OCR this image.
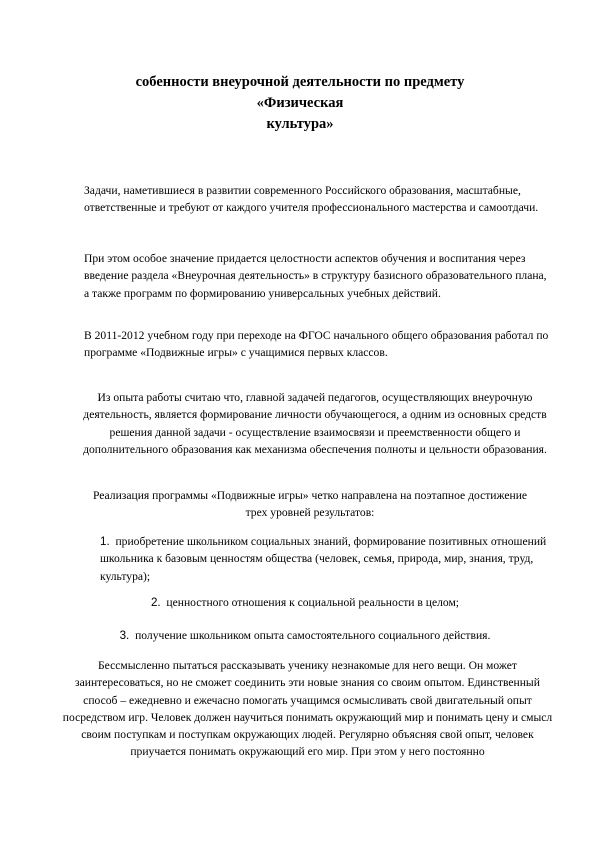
собенности внеурочной деятельности по предмету «Физическая
культура»

Задачи, наметившиеся в развитии современного Российского образования, масштабные, ответственные и требуют от каждого учителя профессионального мастерства и самоотдачи.

При этом особое значение придается целостности аспектов обучения и воспитания через введение раздела «Внеурочная деятельность» в структуру базисного образовательного плана, а также программ по формированию универсальных учебных действий.

В 2011-2012 учебном году при переходе на ФГОС начального общего образования работал по программе «Подвижные игры» с учащимися первых классов.

Из опыта работы считаю что, главной задачей педагогов, осуществляющих внеурочную деятельность, является формирование личности обучающегося, а одним из основных средств решения данной задачи - осуществление взаимосвязи и преемственности общего и дополнительного образования как механизма обеспечения полноты и цельности образования.

Реализация программы «Подвижные игры» четко направлена на поэтапное достижение трех уровней результатов:

1. приобретение школьником социальных знаний, формирование позитивных отношений школьника к базовым ценностям общества (человек, семья, природа, мир, знания, труд, культура);
2. ценностного отношения к социальной реальности в целом;
3. получение школьником опыта самостоятельного социального действия.

Бессмысленно пытаться рассказывать ученику незнакомые для него вещи. Он может заинтересоваться, но не сможет соединить эти новые знания со своим опытом. Единственный способ – ежедневно и ежечасно помогать учащимся осмысливать свой двигательный опыт посредством игр. Человек должен научиться понимать окружающий мир и понимать цену и смысл своим поступкам и поступкам окружающих людей. Регулярно объясняя свой опыт, человек приучается понимать окружающий его мир. При этом у него постоянно
